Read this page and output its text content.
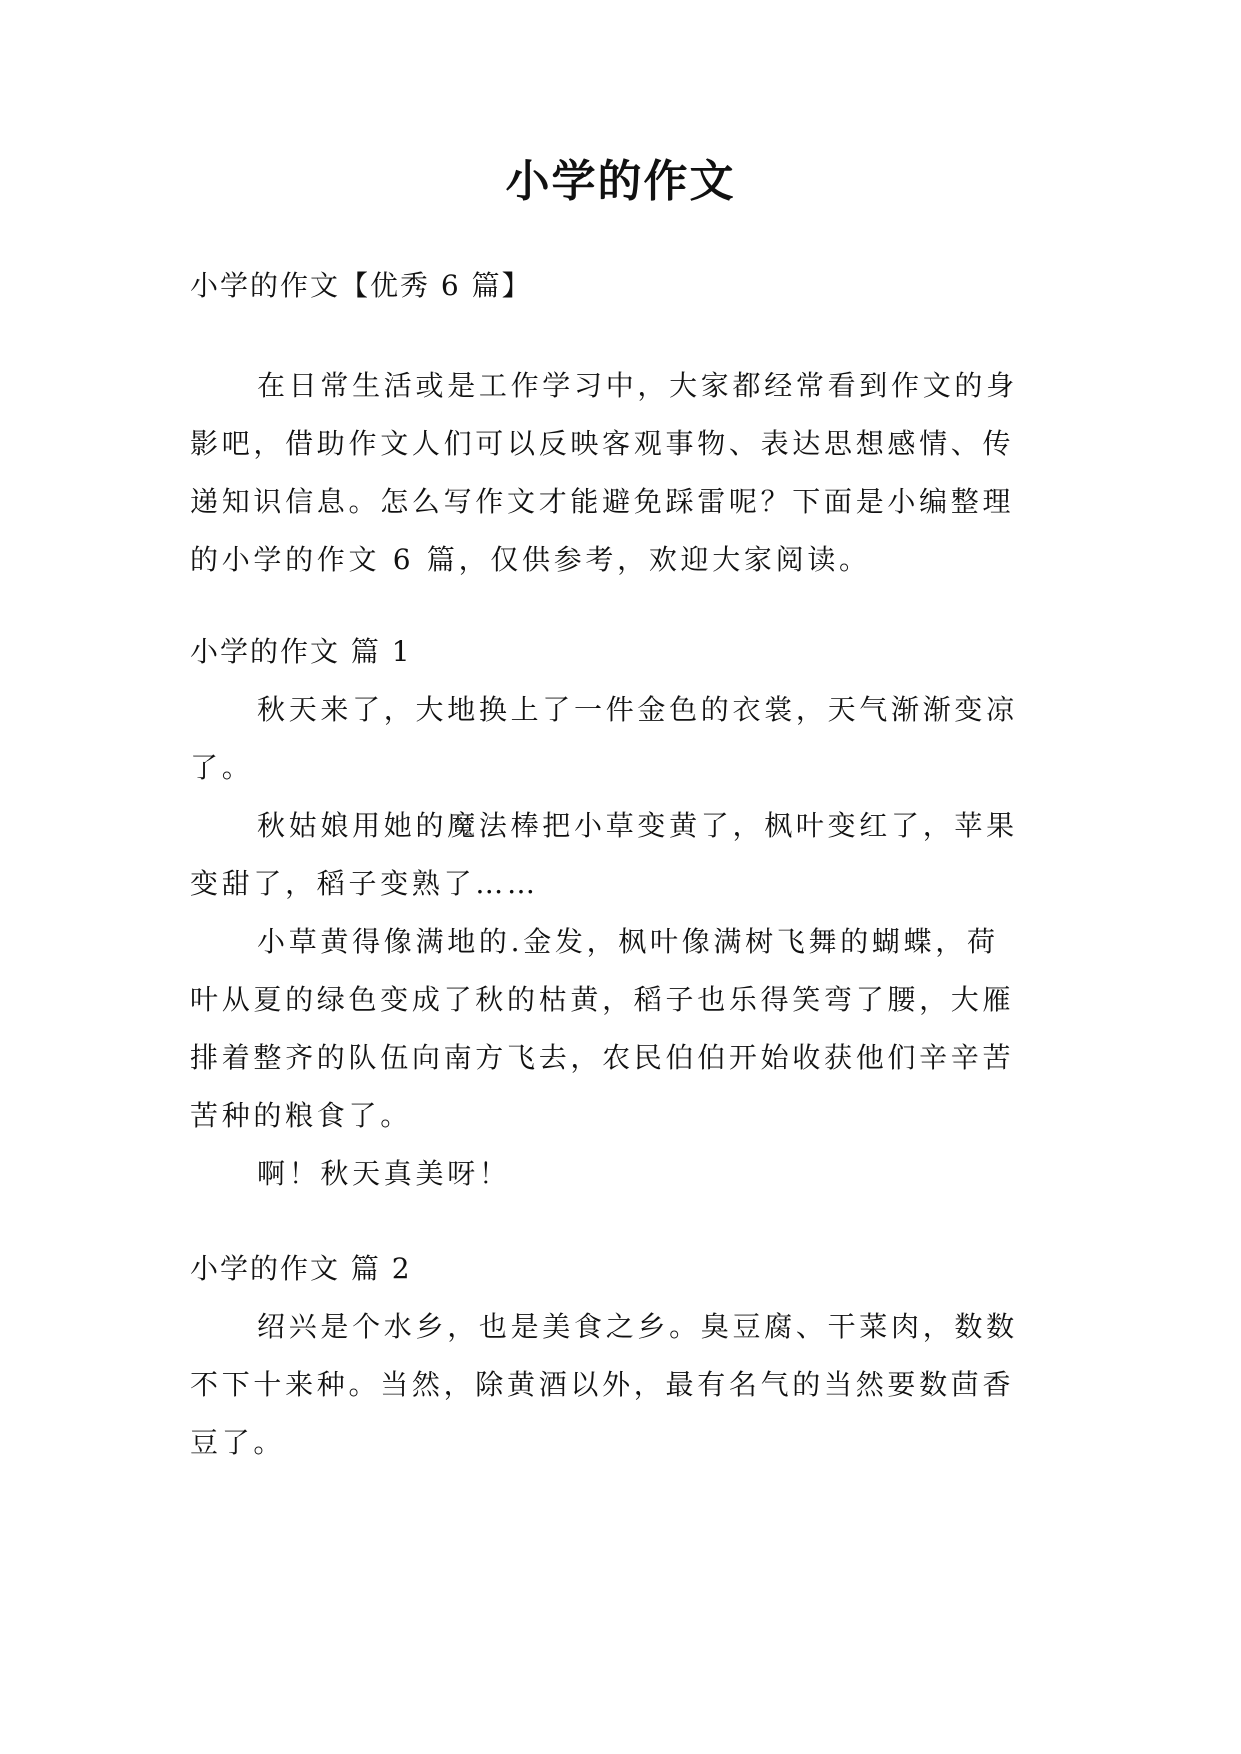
小学的作文

小学的作文【优秀 6 篇】

在日常生活或是工作学习中，大家都经常看到作文的身

影吧，借助作文人们可以反映客观事物、表达思想感情、传

递知识信息。怎么写作文才能避免踩雷呢？下面是小编整理

的小学的作文 6 篇，仅供参考，欢迎大家阅读。

小学的作文 篇 1

秋天来了，大地换上了一件金色的衣裳，天气渐渐变凉

了。

秋姑娘用她的魔法棒把小草变黄了，枫叶变红了，苹果

变甜了，稻子变熟了……

小草黄得像满地的.金发，枫叶像满树飞舞的蝴蝶，荷

叶从夏的绿色变成了秋的枯黄，稻子也乐得笑弯了腰，大雁

排着整齐的队伍向南方飞去，农民伯伯开始收获他们辛辛苦

苦种的粮食了。

啊！秋天真美呀！

小学的作文 篇 2

绍兴是个水乡，也是美食之乡。臭豆腐、干菜肉，数数

不下十来种。当然，除黄酒以外，最有名气的当然要数茴香

豆了。
